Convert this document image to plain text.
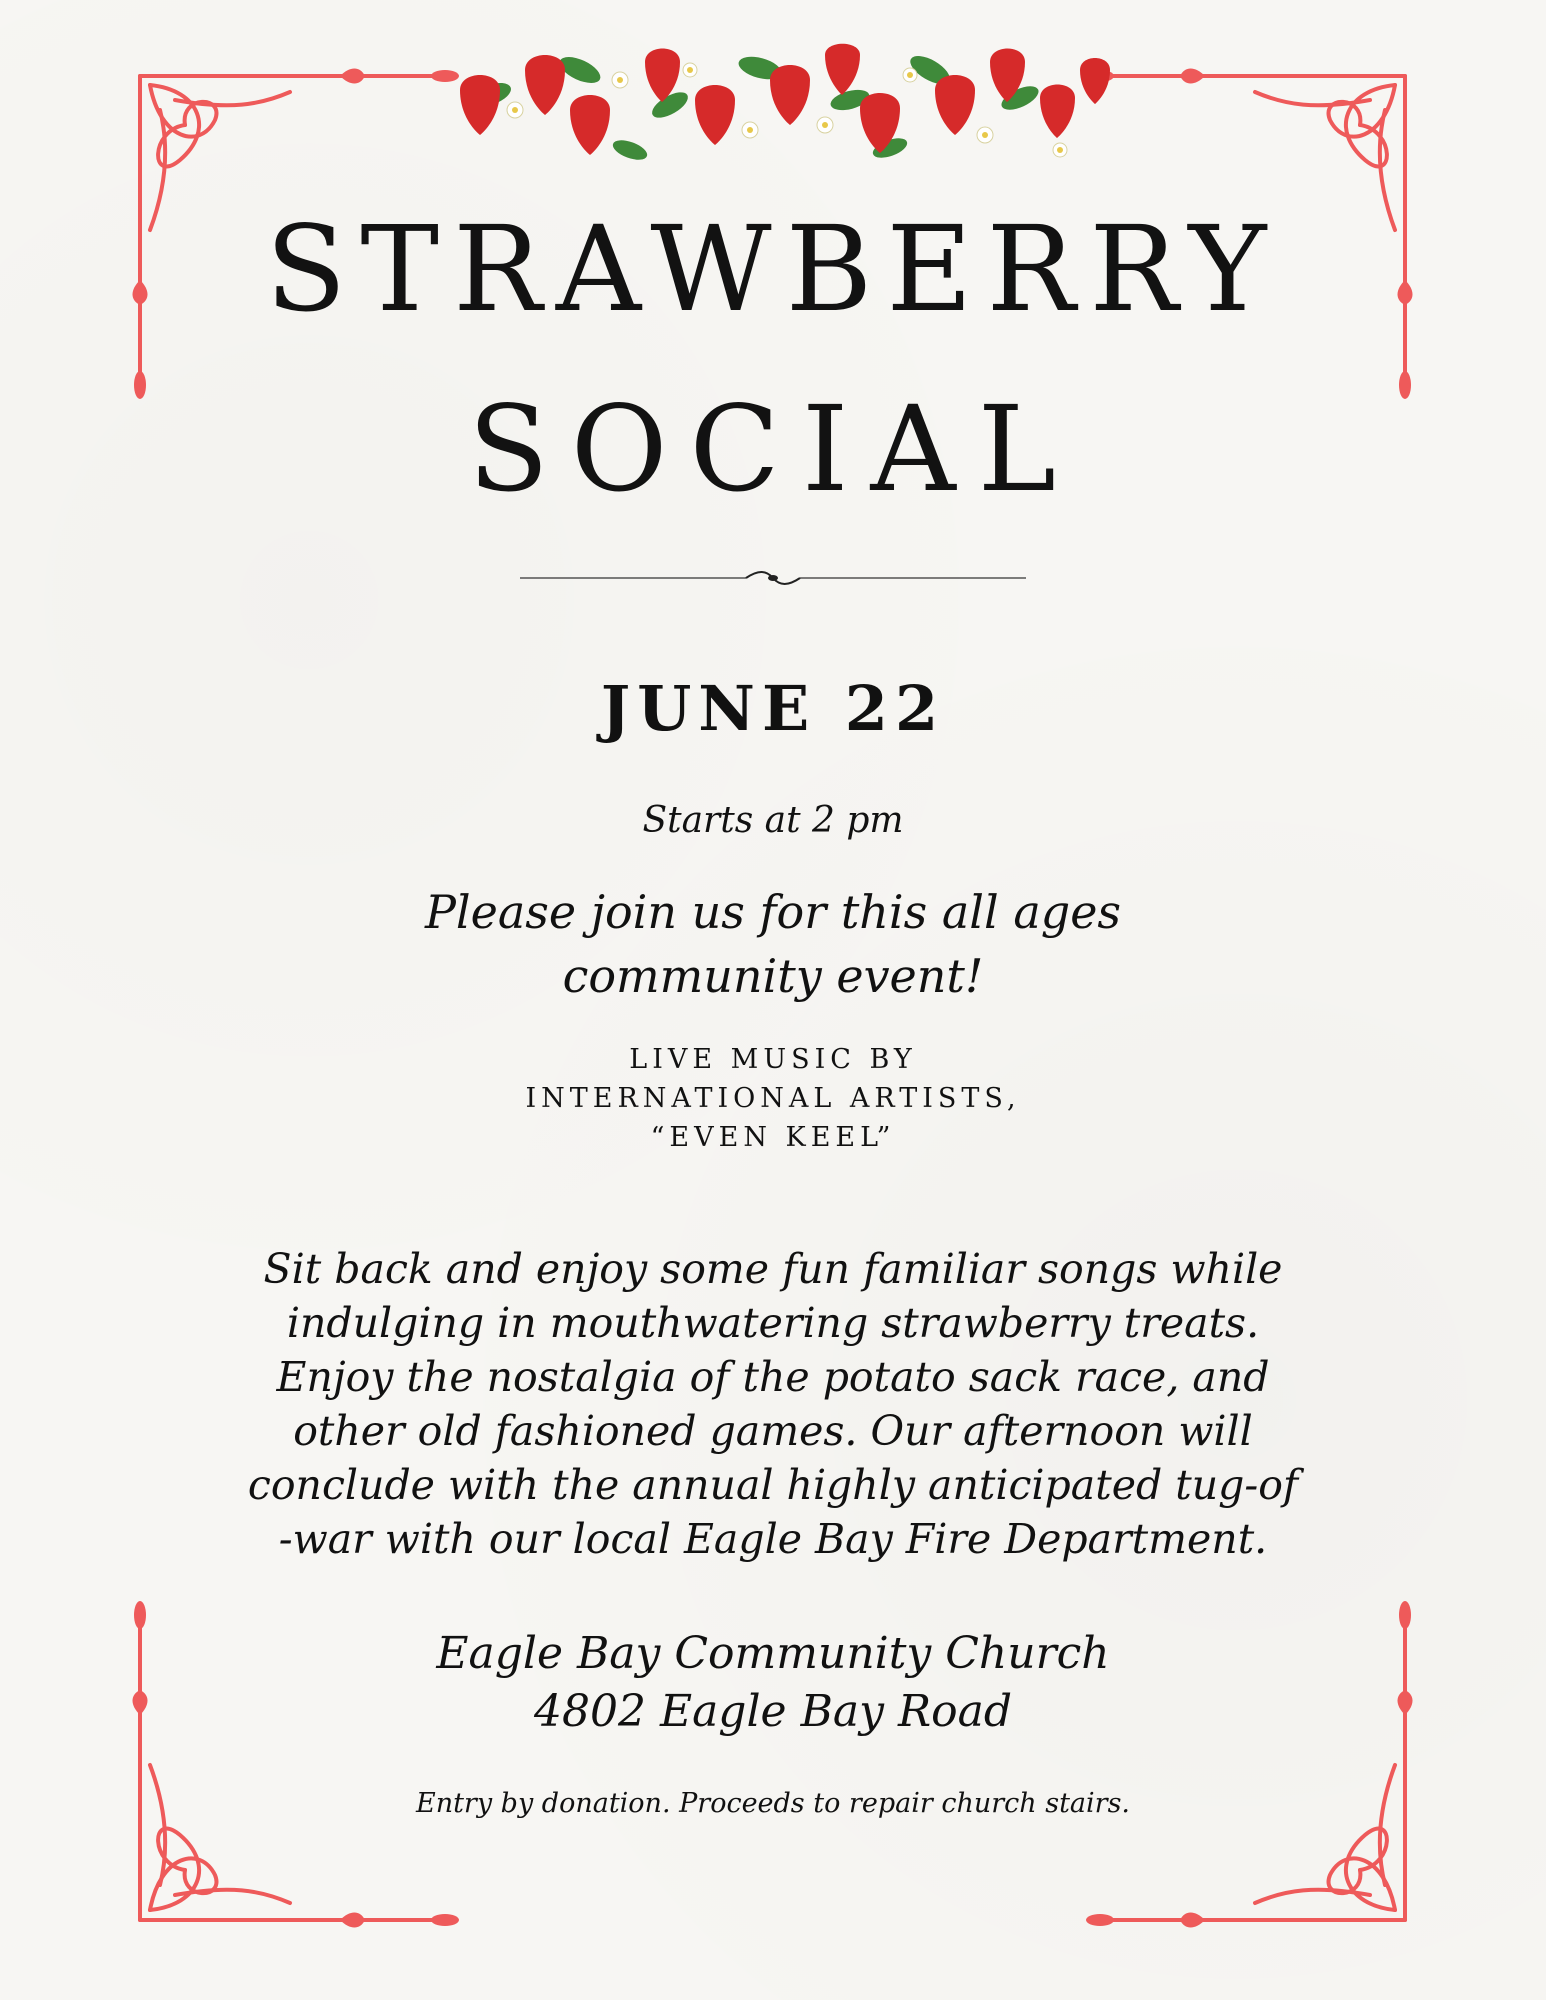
STRAWBERRY
SOCIAL
JUNE 22
Starts at 2 pm
Please join us for this all ages
community event!
LIVE MUSIC BY
INTERNATIONAL ARTISTS,
“EVEN KEEL”
Sit back and enjoy some fun familiar songs while
indulging in mouthwatering strawberry treats.
Enjoy the nostalgia of the potato sack race, and
other old fashioned games. Our afternoon will
conclude with the annual highly anticipated tug-of
-war with our local Eagle Bay Fire Department.
Eagle Bay Community Church
4802 Eagle Bay Road
Entry by donation. Proceeds to repair church stairs.
